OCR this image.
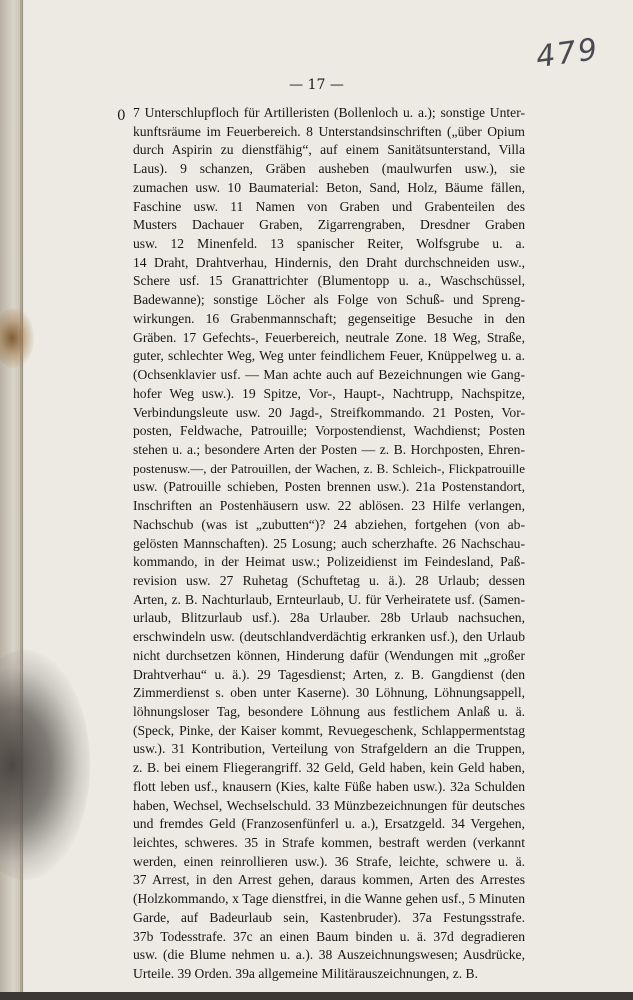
479
— 17 —
0 7 Unterschlupfloch für Artilleristen (Bollenloch u. a.); sonstige Unter-
kunftsräume im Feuerbereich. 8 Unterstandsinschriften („über Opium
durch Aspirin zu dienstfähig“, auf einem Sanitätsunterstand, Villa
Laus). 9 schanzen, Gräben ausheben (maulwurfen usw.), sie
zumachen usw. 10 Baumaterial: Beton, Sand, Holz, Bäume fällen,
Faschine usw. 11 Namen von Graben und Grabenteilen des
Musters Dachauer Graben, Zigarrengraben, Dresdner Graben
usw. 12 Minenfeld. 13 spanischer Reiter, Wolfsgrube u. a.
14 Draht, Drahtverhau, Hindernis, den Draht durchschneiden usw.,
Schere usf. 15 Granattrichter (Blumentopp u. a., Waschschüssel,
Badewanne); sonstige Löcher als Folge von Schuß- und Spreng-
wirkungen. 16 Grabenmannschaft; gegenseitige Besuche in den
Gräben. 17 Gefechts-, Feuerbereich, neutrale Zone. 18 Weg, Straße,
guter, schlechter Weg, Weg unter feindlichem Feuer, Knüppelweg u. a.
(Ochsenklavier usf. — Man achte auch auf Bezeichnungen wie Gang-
hofer Weg usw.). 19 Spitze, Vor-, Haupt-, Nachtrupp, Nachspitze,
Verbindungsleute usw. 20 Jagd-, Streifkommando. 21 Posten, Vor-
posten, Feldwache, Patrouille; Vorpostendienst, Wachdienst; Posten
stehen u. a.; besondere Arten der Posten — z. B. Horchposten, Ehren-
postenusw.—, der Patrouillen, der Wachen, z. B. Schleich-, Flickpatrouille
usw. (Patrouille schieben, Posten brennen usw.). 21a Postenstandort,
Inschriften an Postenhäusern usw. 22 ablösen. 23 Hilfe verlangen,
Nachschub (was ist „zubutten“)? 24 abziehen, fortgehen (von ab-
gelösten Mannschaften). 25 Losung; auch scherzhafte. 26 Nachschau-
kommando, in der Heimat usw.; Polizeidienst im Feindesland, Paß-
revision usw. 27 Ruhetag (Schuftetag u. ä.). 28 Urlaub; dessen
Arten, z. B. Nachturlaub, Ernteurlaub, U. für Verheiratete usf. (Samen-
urlaub, Blitzurlaub usf.). 28a Urlauber. 28b Urlaub nachsuchen,
erschwindeln usw. (deutschlandverdächtig erkranken usf.), den Urlaub
nicht durchsetzen können, Hinderung dafür (Wendungen mit „großer
Drahtverhau“ u. ä.). 29 Tagesdienst; Arten, z. B. Gangdienst (den
Zimmerdienst s. oben unter Kaserne). 30 Löhnung, Löhnungsappell,
löhnungsloser Tag, besondere Löhnung aus festlichem Anlaß u. ä.
(Speck, Pinke, der Kaiser kommt, Revuegeschenk, Schlappermentstag
usw.). 31 Kontribution, Verteilung von Strafgeldern an die Truppen,
z. B. bei einem Fliegerangriff. 32 Geld, Geld haben, kein Geld haben,
flott leben usf., knausern (Kies, kalte Füße haben usw.). 32a Schulden
haben, Wechsel, Wechselschuld. 33 Münzbezeichnungen für deutsches
und fremdes Geld (Franzosenfünferl u. a.), Ersatzgeld. 34 Vergehen,
leichtes, schweres. 35 in Strafe kommen, bestraft werden (verkannt
werden, einen reinrollieren usw.). 36 Strafe, leichte, schwere u. ä.
37 Arrest, in den Arrest gehen, daraus kommen, Arten des Arrestes
(Holzkommando, x Tage dienstfrei, in die Wanne gehen usf., 5 Minuten
Garde, auf Badeurlaub sein, Kastenbruder). 37a Festungsstrafe.
37b Todesstrafe. 37c an einen Baum binden u. ä. 37d degradieren
usw. (die Blume nehmen u. a.). 38 Auszeichnungswesen; Ausdrücke,
Urteile. 39 Orden. 39a allgemeine Militärauszeichnungen, z. B.
